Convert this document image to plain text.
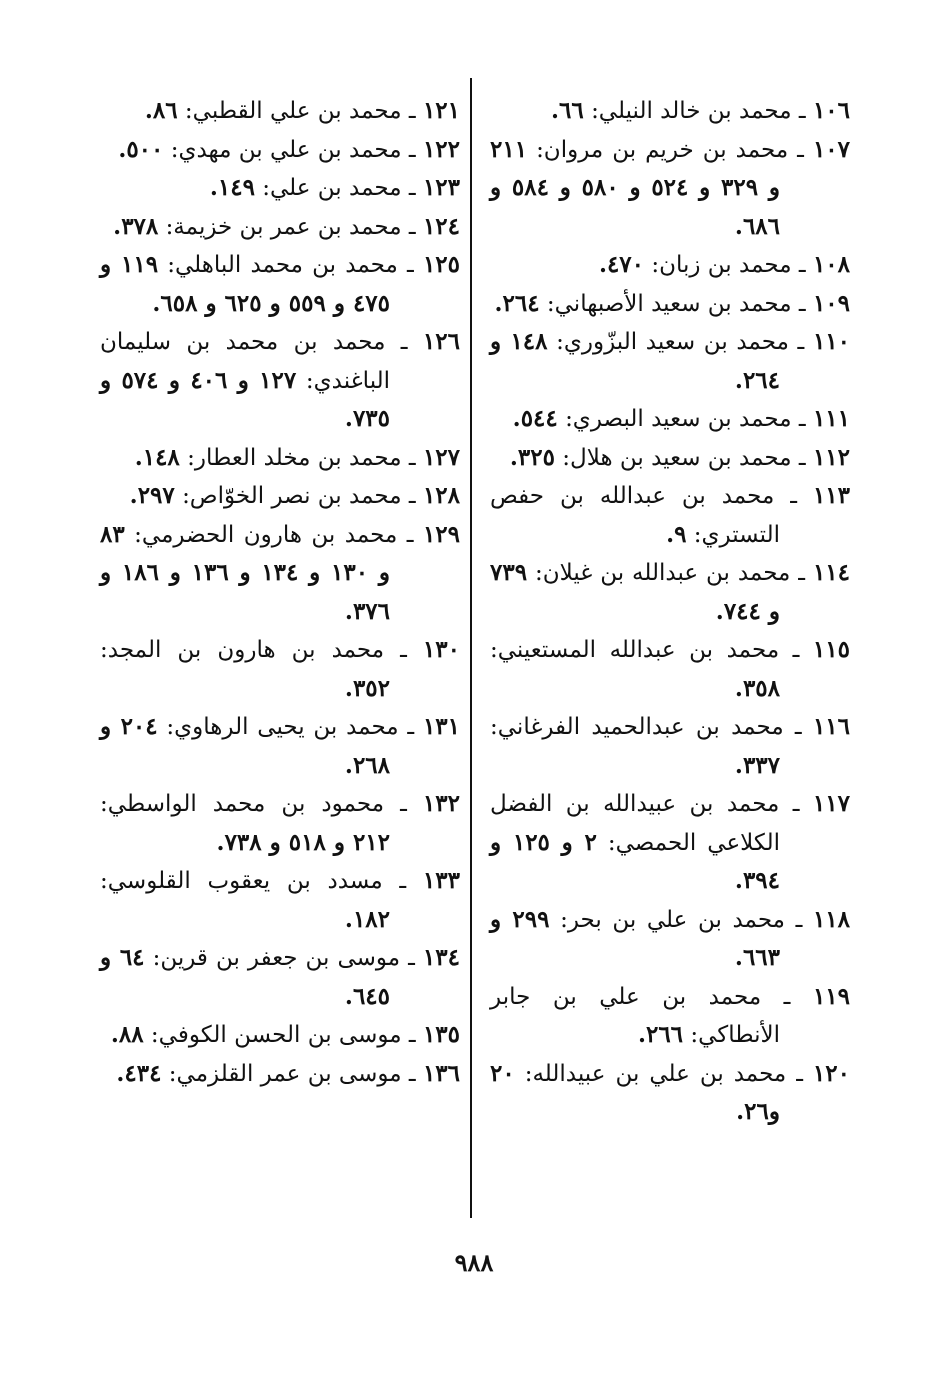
١٠٦ ـ محمد بن خالد النيلي: ٦٦.

١٠٧ ـ محمد بن خريم بن مروان: ٢١١ و ٣٢٩ و ٥٢٤ و ٥٨٠ و ٥٨٤ و ٦٨٦.

١٠٨ ـ محمد بن زبان: ٤٧٠.

١٠٩ ـ محمد بن سعيد الأصبهاني: ٢٦٤.

١١٠ ـ محمد بن سعيد البزّوري: ١٤٨ و ٢٦٤.

١١١ ـ محمد بن سعيد البصري: ٥٤٤.

١١٢ ـ محمد بن سعيد بن هلال: ٣٢٥.

١١٣ ـ محمد بن عبدالله بن حفص التستري: ٩.

١١٤ ـ محمد بن عبدالله بن غيلان: ٧٣٩ و ٧٤٤.

١١٥ ـ محمد بن عبدالله المستعيني: ٣٥٨.

١١٦ ـ محمد بن عبدالحميد الفرغاني: ٣٣٧.

١١٧ ـ محمد بن عبيدالله بن الفضل الكلاعي الحمصي: ٢ و ١٢٥ و ٣٩٤.

١١٨ ـ محمد بن علي بن بحر: ٢٩٩ و ٦٦٣.

١١٩ ـ محمد بن علي بن جابر الأنطاكي: ٢٦٦.

١٢٠ ـ محمد بن علي بن عبيدالله: ٢٠ و٢٦.

١٢١ ـ محمد بن علي القطبي: ٨٦.

١٢٢ ـ محمد بن علي بن مهدي: ٥٠٠.

١٢٣ ـ محمد بن علي: ١٤٩.

١٢٤ ـ محمد بن عمر بن خزيمة: ٣٧٨.

١٢٥ ـ محمد بن محمد الباهلي: ١١٩ و ٤٧٥ و ٥٥٩ و ٦٢٥ و ٦٥٨.

١٢٦ ـ محمد بن محمد بن سليمان الباغندي: ١٢٧ و ٤٠٦ و ٥٧٤ و ٧٣٥.

١٢٧ ـ محمد بن مخلد العطار: ١٤٨.

١٢٨ ـ محمد بن نصر الخوّاص: ٢٩٧.

١٢٩ ـ محمد بن هارون الحضرمي: ٨٣ و ١٣٠ و ١٣٤ و ١٣٦ و ١٨٦ و ٣٧٦.

١٣٠ ـ محمد بن هارون بن المجد: ٣٥٢.

١٣١ ـ محمد بن يحيى الرهاوي: ٢٠٤ و ٢٦٨.

١٣٢ ـ محمود بن محمد الواسطي: ٢١٢ و ٥١٨ و ٧٣٨.

١٣٣ ـ مسدد بن يعقوب القلوسي: ١٨٢.

١٣٤ ـ موسى بن جعفر بن قرين: ٦٤ و ٦٤٥.

١٣٥ ـ موسى بن الحسن الكوفي: ٨٨.

١٣٦ ـ موسى بن عمر القلزمي: ٤٣٤.

٩٨٨
